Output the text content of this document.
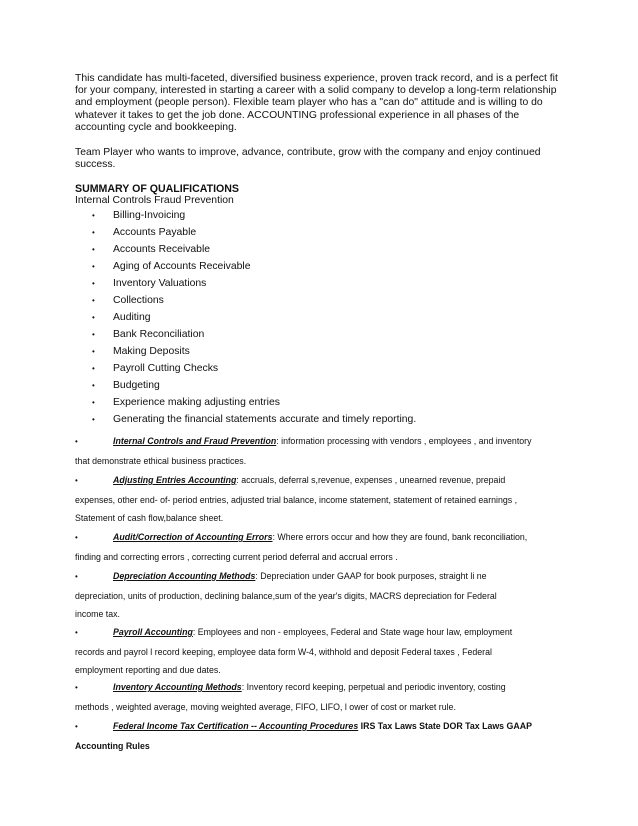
This candidate has multi-faceted, diversified business experience, proven track record, and is a perfect fit

for your company, interested in starting a career with a solid company to develop a long-term relationship

and employment (people person). Flexible team player who has a "can do" attitude and is willing to do

whatever it takes to get the job done. ACCOUNTING professional experience in all phases of the

accounting cycle and bookkeeping.

Team Player who wants to improve, advance, contribute, grow with the company and enjoy continued

success.

SUMMARY OF QUALIFICATIONS

Internal Controls Fraud Prevention

• Billing-Invoicing
• Accounts Payable
• Accounts Receivable
• Aging of Accounts Receivable
• Inventory Valuations
• Collections
• Auditing
• Bank Reconciliation
• Making Deposits
• Payroll Cutting Checks
• Budgeting
• Experience making adjusting entries
• Generating the financial statements accurate and timely reporting.
•	Internal Controls and Fraud Prevention: information processing with vendors , employees , and inventory
that demonstrate ethical business practices.
•	Adjusting Entries Accounting: accruals, deferral s,revenue, expenses , unearned revenue, prepaid
expenses, other end- of- period entries, adjusted trial balance, income statement, statement of retained earnings ,
Statement of cash flow,balance sheet.
•	Audit/Correction of Accounting Errors: Where errors occur and how they are found, bank reconciliation,
finding and correcting errors , correcting current period deferral and accrual errors .
•	Depreciation Accounting Methods: Depreciation under GAAP for book purposes, straight li ne
depreciation, units of production, declining balance,sum of the year's digits, MACRS depreciation for Federal
income tax.
•	Payroll Accounting: Employees and non - employees, Federal and State wage hour law, employment
records and payrol l record keeping, employee data form W-4, withhold and deposit Federal taxes , Federal
employment reporting and due dates.
•	Inventory Accounting Methods: Inventory record keeping, perpetual and periodic inventory, costing
methods , weighted average, moving weighted average, FIFO, LIFO, l ower of cost or market rule.
•	Federal Income Tax Certification -- Accounting Procedures IRS Tax Laws State DOR Tax Laws GAAP
Accounting Rules
